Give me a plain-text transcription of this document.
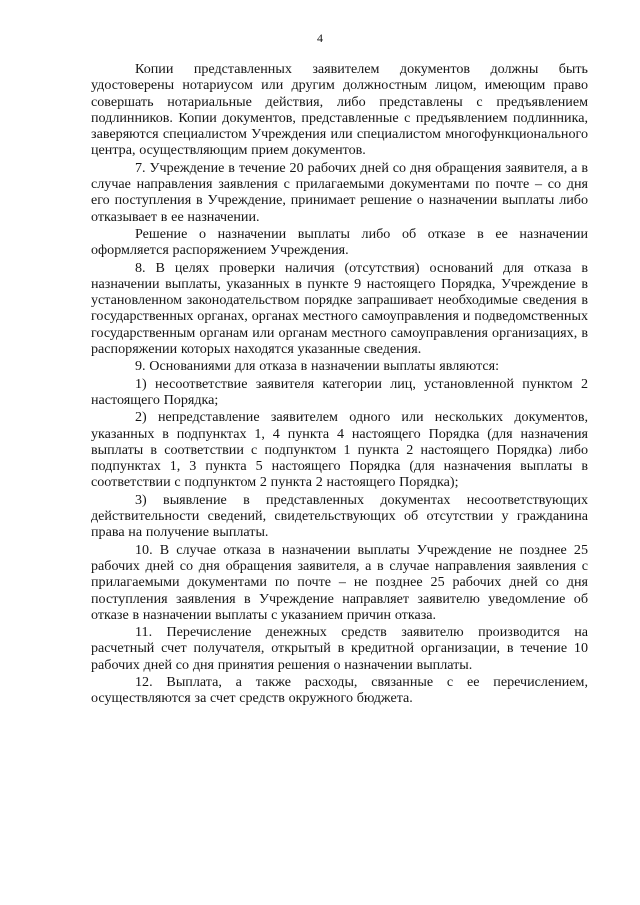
4

Копии представленных заявителем документов должны быть удостоверены нотариусом или другим должностным лицом, имеющим право совершать нотариальные действия, либо представлены с предъявлением подлинников. Копии документов, представленные с предъявлением подлинника, заверяются специалистом Учреждения или специалистом многофункционального центра, осуществляющим прием документов.

7. Учреждение в течение 20 рабочих дней со дня обращения заявителя, а в случае направления заявления с прилагаемыми документами по почте – со дня его поступления в Учреждение, принимает решение о назначении выплаты либо отказывает в ее назначении.

Решение о назначении выплаты либо об отказе в ее назначении оформляется распоряжением Учреждения.

8. В целях проверки наличия (отсутствия) оснований для отказа в назначении выплаты, указанных в пункте 9 настоящего Порядка, Учреждение в установленном законодательством порядке запрашивает необходимые сведения в государственных органах, органах местного самоуправления и подведомственных государственным органам или органам местного самоуправления организациях, в распоряжении которых находятся указанные сведения.

9. Основаниями для отказа в назначении выплаты являются:

1) несоответствие заявителя категории лиц, установленной пунктом 2 настоящего Порядка;

2) непредставление заявителем одного или нескольких документов, указанных в подпунктах 1, 4 пункта 4 настоящего Порядка (для назначения выплаты в соответствии с подпунктом 1 пункта 2 настоящего Порядка) либо подпунктах 1, 3 пункта 5 настоящего Порядка (для назначения выплаты в соответствии с подпунктом 2 пункта 2 настоящего Порядка);

3) выявление в представленных документах несоответствующих действительности сведений, свидетельствующих об отсутствии у гражданина права на получение выплаты.

10. В случае отказа в назначении выплаты Учреждение не позднее 25 рабочих дней со дня обращения заявителя, а в случае направления заявления с прилагаемыми документами по почте – не позднее 25 рабочих дней со дня поступления заявления в Учреждение направляет заявителю уведомление об отказе в назначении выплаты с указанием причин отказа.

11. Перечисление денежных средств заявителю производится на расчетный счет получателя, открытый в кредитной организации, в течение 10 рабочих дней со дня принятия решения о назначении выплаты.

12. Выплата, а также расходы, связанные с ее перечислением, осуществляются за счет средств окружного бюджета.
